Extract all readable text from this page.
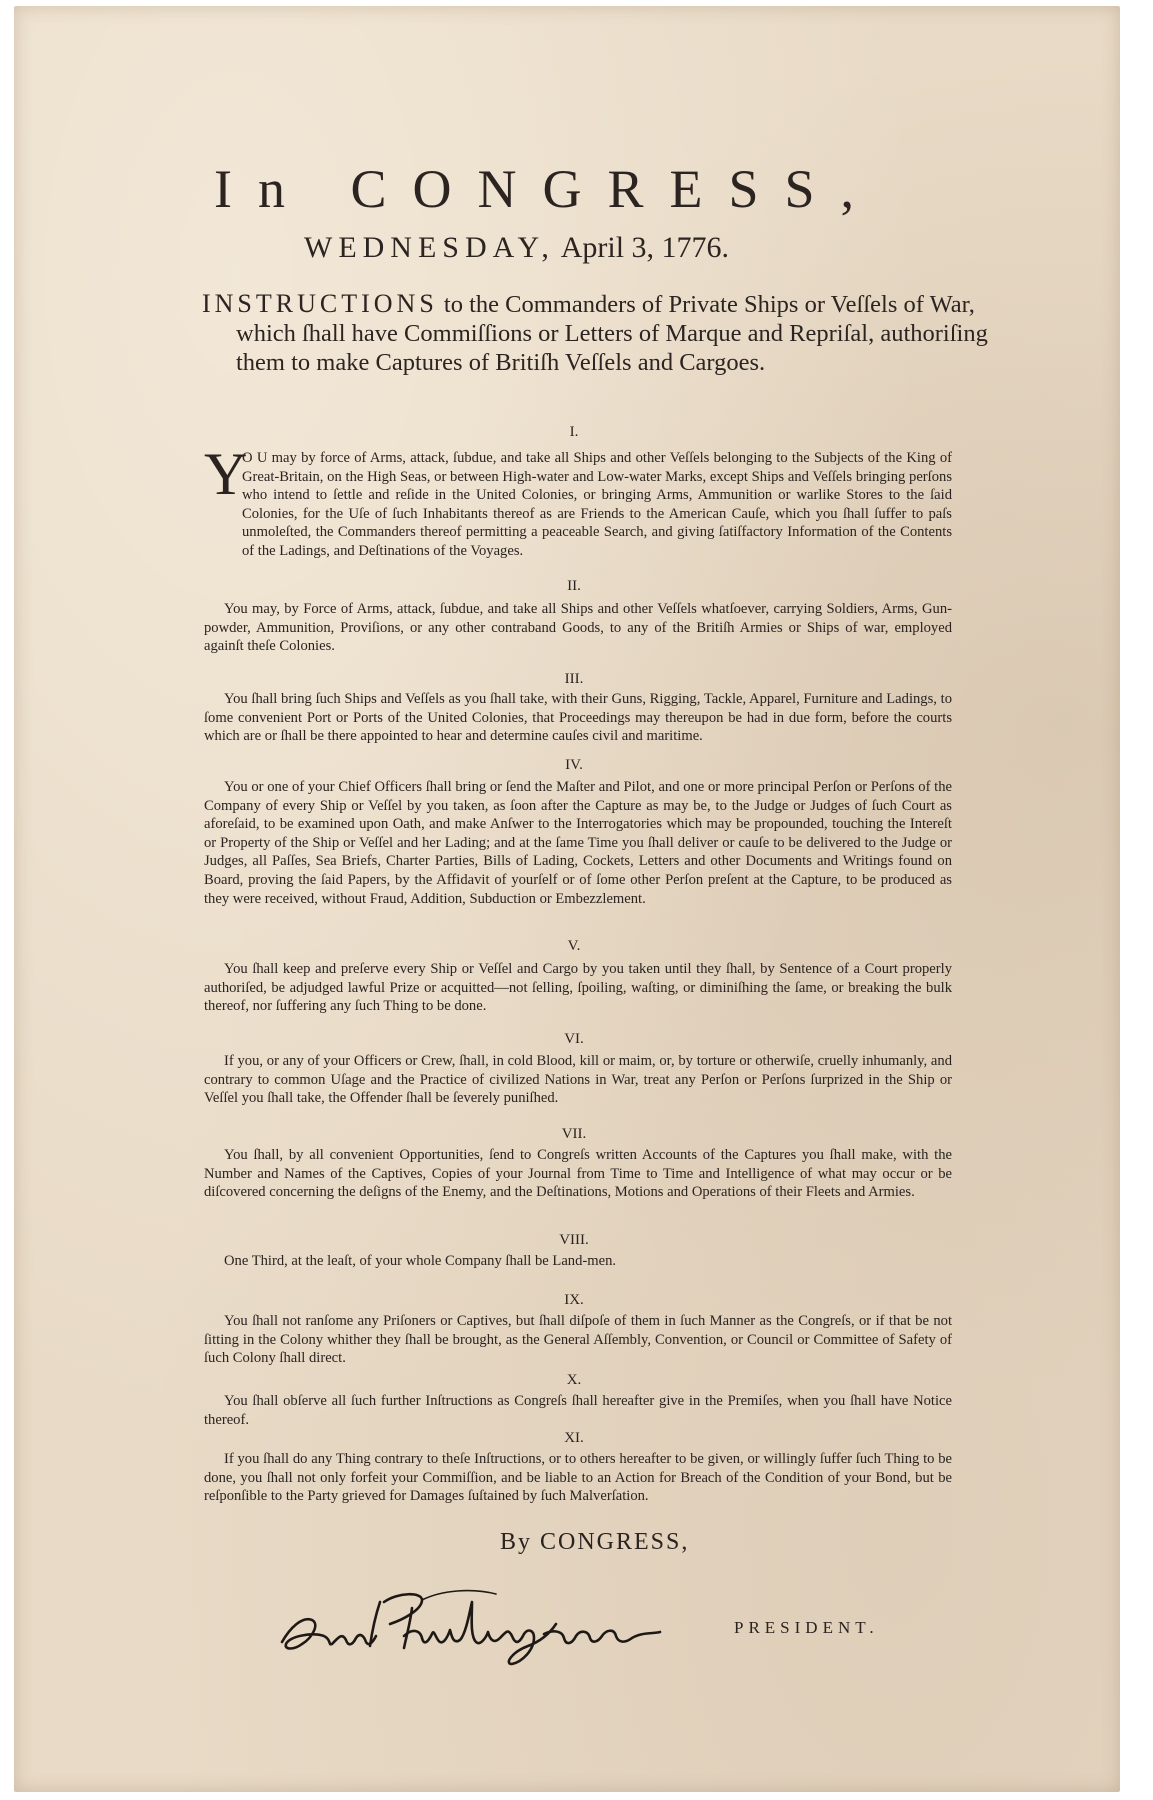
In CONGRESS,
WEDNESDAY, April 3, 1776.
INSTRUCTIONS to the Commanders of Private Ships or Veſſels of War, which ſhall have Commiſſions or Letters of Marque and Repriſal, authoriſing them to make Captures of Britiſh Veſſels and Cargoes.
I.
Y
O U may by force of Arms, attack, ſubdue, and take all Ships and other Veſſels belonging to the Subjects of the King of Great-Britain, on the High Seas, or between High-water and Low-water Marks, except Ships and Veſſels bringing perſons who intend to ſettle and reſide in the United Colonies, or bringing Arms, Ammunition or warlike Stores to the ſaid Colonies, for the Uſe of ſuch Inhabitants thereof as are Friends to the American Cauſe, which you ſhall ſuffer to paſs unmoleſted, the Commanders thereof permitting a peaceable Search, and giving ſatiſfactory Information of the Contents of the Ladings, and Deſtinations of the Voyages.
II.
You may, by Force of Arms, attack, ſubdue, and take all Ships and other Veſſels whatſoever, carrying Soldiers, Arms, Gun-powder, Ammunition, Proviſions, or any other contraband Goods, to any of the Britiſh Armies or Ships of war, employed againſt theſe Colonies.
III.
You ſhall bring ſuch Ships and Veſſels as you ſhall take, with their Guns, Rigging, Tackle, Apparel, Furniture and Ladings, to ſome convenient Port or Ports of the United Colonies, that Proceedings may thereupon be had in due form, before the courts which are or ſhall be there appointed to hear and determine cauſes civil and maritime.
IV.
You or one of your Chief Officers ſhall bring or ſend the Maſter and Pilot, and one or more principal Perſon or Perſons of the Company of every Ship or Veſſel by you taken, as ſoon after the Capture as may be, to the Judge or Judges of ſuch Court as aforeſaid, to be examined upon Oath, and make Anſwer to the Interrogatories which may be propounded, touching the Intereſt or Property of the Ship or Veſſel and her Lading; and at the ſame Time you ſhall deliver or cauſe to be delivered to the Judge or Judges, all Paſſes, Sea Briefs, Charter Parties, Bills of Lading, Cockets, Letters and other Documents and Writings found on Board, proving the ſaid Papers, by the Affidavit of yourſelf or of ſome other Perſon preſent at the Capture, to be produced as they were received, without Fraud, Addition, Subduction or Embezzlement.
V.
You ſhall keep and preſerve every Ship or Veſſel and Cargo by you taken until they ſhall, by Sentence of a Court properly authoriſed, be adjudged lawful Prize or acquitted—not ſelling, ſpoiling, waſting, or diminiſhing the ſame, or breaking the bulk thereof, nor ſuffering any ſuch Thing to be done.
VI.
If you, or any of your Officers or Crew, ſhall, in cold Blood, kill or maim, or, by torture or otherwiſe, cruelly inhumanly, and contrary to common Uſage and the Practice of civilized Nations in War, treat any Perſon or Perſons ſurprized in the Ship or Veſſel you ſhall take, the Offender ſhall be ſeverely puniſhed.
VII.
You ſhall, by all convenient Opportunities, ſend to Congreſs written Accounts of the Captures you ſhall make, with the Number and Names of the Captives, Copies of your Journal from Time to Time and Intelligence of what may occur or be diſcovered concerning the deſigns of the Enemy, and the Deſtinations, Motions and Operations of their Fleets and Armies.
VIII.
One Third, at the leaſt, of your whole Company ſhall be Land-men.
IX.
You ſhall not ranſome any Priſoners or Captives, but ſhall diſpoſe of them in ſuch Manner as the Congreſs, or if that be not ſitting in the Colony whither they ſhall be brought, as the General Aſſembly, Convention, or Council or Committee of Safety of ſuch Colony ſhall direct.
X.
You ſhall obſerve all ſuch further Inſtructions as Congreſs ſhall hereafter give in the Premiſes, when you ſhall have Notice thereof.
XI.
If you ſhall do any Thing contrary to theſe Inſtructions, or to others hereafter to be given, or willingly ſuffer ſuch Thing to be done, you ſhall not only forfeit your Commiſſion, and be liable to an Action for Breach of the Condition of your Bond, but be reſponſible to the Party grieved for Damages ſuſtained by ſuch Malverſation.
By CONGRESS,
PRESIDENT.
